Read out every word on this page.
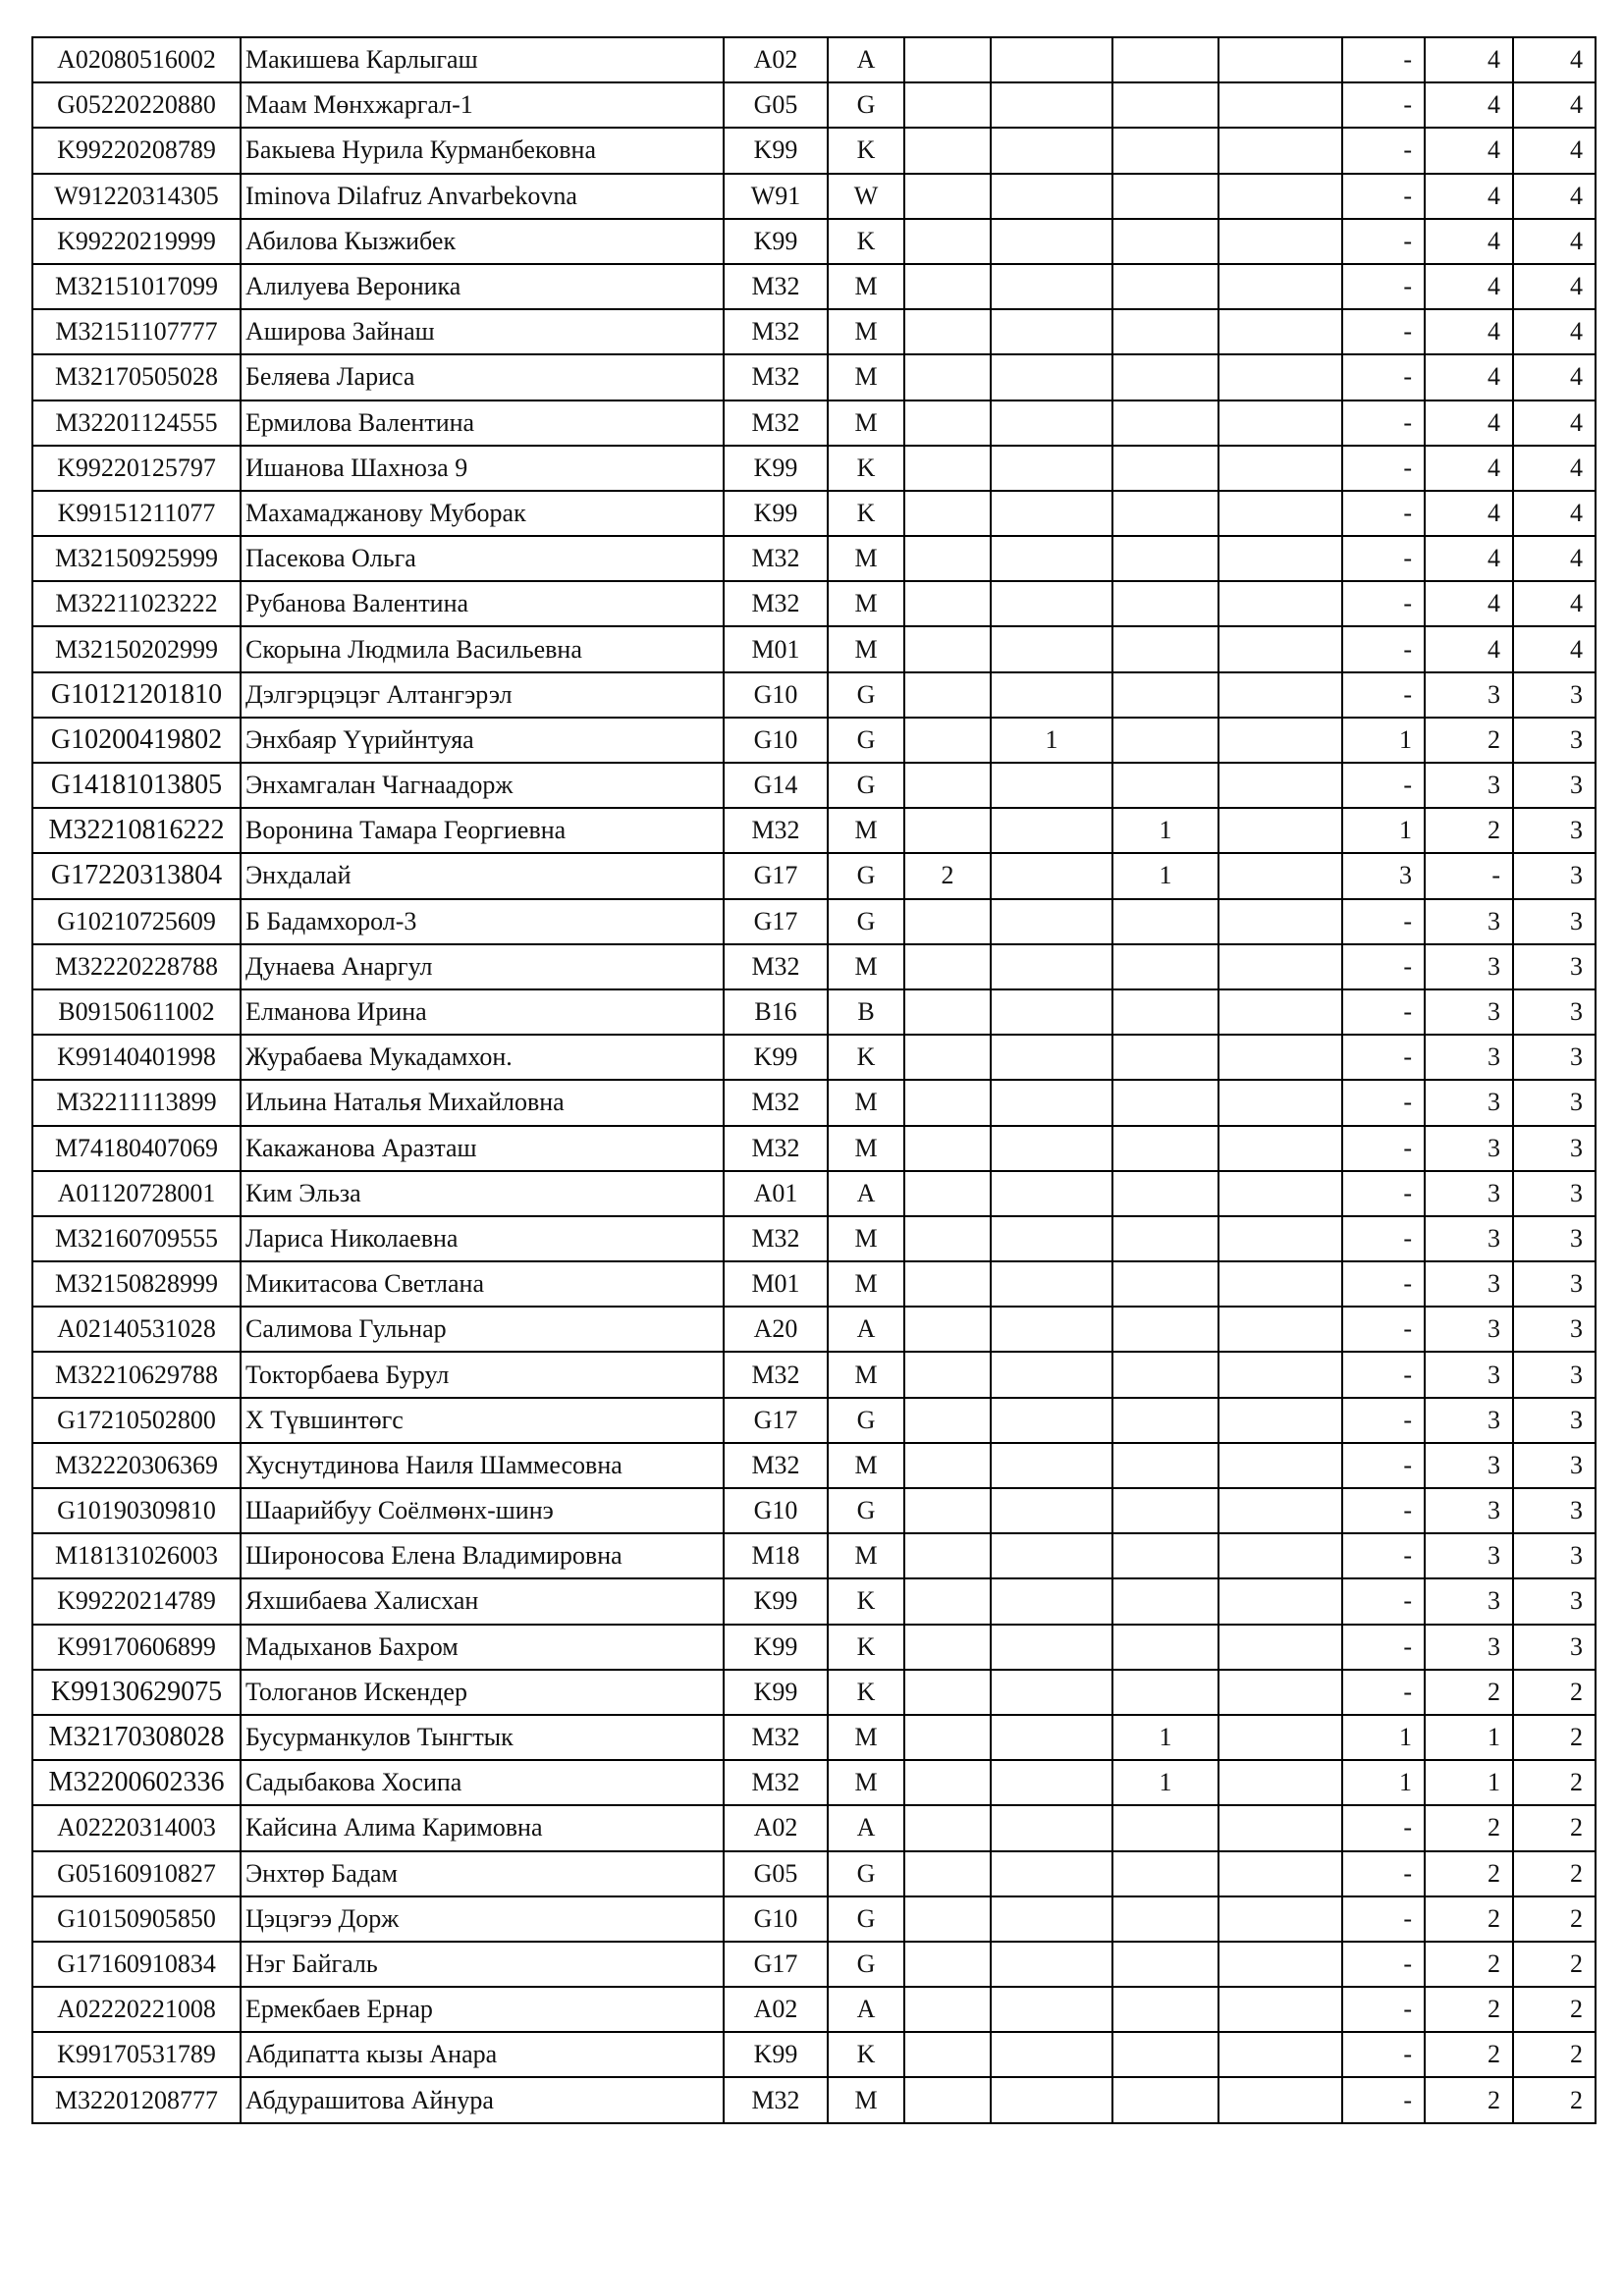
A02080516002	Макишева Карлыгаш	A02	A					-	4	4
G05220220880	Маам Мөнхжаргал-1	G05	G					-	4	4
K99220208789	Бакыева Нурила Курманбековна	K99	K					-	4	4
W91220314305	Iminova Dilafruz Anvarbekovna	W91	W					-	4	4
K99220219999	Абилова Кызжибек	K99	K					-	4	4
M32151017099	Алилуева Вероника	M32	M					-	4	4
M32151107777	Аширова Зайнаш	M32	M					-	4	4
M32170505028	Беляева Лариса	M32	M					-	4	4
M32201124555	Ермилова Валентина	M32	M					-	4	4
K99220125797	Ишанова Шахноза 9	K99	K					-	4	4
K99151211077	Махамаджанову Муборак	K99	K					-	4	4
M32150925999	Пасекова Ольга	M32	M					-	4	4
M32211023222	Рубанова Валентина	M32	M					-	4	4
M32150202999	Скорына Людмила Васильевна	M01	M					-	4	4
G10121201810	Дэлгэрцэцэг Алтангэрэл	G10	G					-	3	3
G10200419802	Энхбаяр Үүрийнтуяа	G10	G		1			1	2	3
G14181013805	Энхамгалан Чагнаадорж	G14	G					-	3	3
M32210816222	Воронина Тамара Георгиевна	M32	M			1		1	2	3
G17220313804	Энхдалай	G17	G	2		1		3	-	3
G10210725609	Б Бадамхорол-3	G17	G					-	3	3
M32220228788	Дунаева Анаргул	M32	M					-	3	3
B09150611002	Елманова Ирина	B16	B					-	3	3
K99140401998	Журабаева Мукадамхон.	K99	K					-	3	3
M32211113899	Ильина Наталья Михайловна	M32	M					-	3	3
M74180407069	Какажанова Аразташ	M32	M					-	3	3
A01120728001	Ким Эльза	A01	A					-	3	3
M32160709555	Лариса Николаевна	M32	M					-	3	3
M32150828999	Микитасова Светлана	M01	M					-	3	3
A02140531028	Салимова Гульнар	A20	A					-	3	3
M32210629788	Токторбаева Бурул	M32	M					-	3	3
G17210502800	Х Түвшинтөгс	G17	G					-	3	3
M32220306369	Хуснутдинова Наиля Шаммесовна	M32	M					-	3	3
G10190309810	Шаарийбуу Соёлмөнх-шинэ	G10	G					-	3	3
M18131026003	Широносова Елена Владимировна	M18	M					-	3	3
K99220214789	Яхшибаева Халисхан	K99	K					-	3	3
K99170606899	Мадыханов Бахром	K99	K					-	3	3
K99130629075	Тологанов Искендер	K99	K					-	2	2
M32170308028	Бусурманкулов Тынгтык	M32	M			1		1	1	2
M32200602336	Садыбакова Хосипа	M32	M			1		1	1	2
A02220314003	Кайсина Алима Каримовна	A02	A					-	2	2
G05160910827	Энхтөр Бадам	G05	G					-	2	2
G10150905850	Цэцэгээ Дорж	G10	G					-	2	2
G17160910834	Нэг Байгаль	G17	G					-	2	2
A02220221008	Ермекбаев Ернар	A02	A					-	2	2
K99170531789	Абдипатта кызы Анара	K99	K					-	2	2
M32201208777	Абдурашитова Айнура	M32	M					-	2	2
